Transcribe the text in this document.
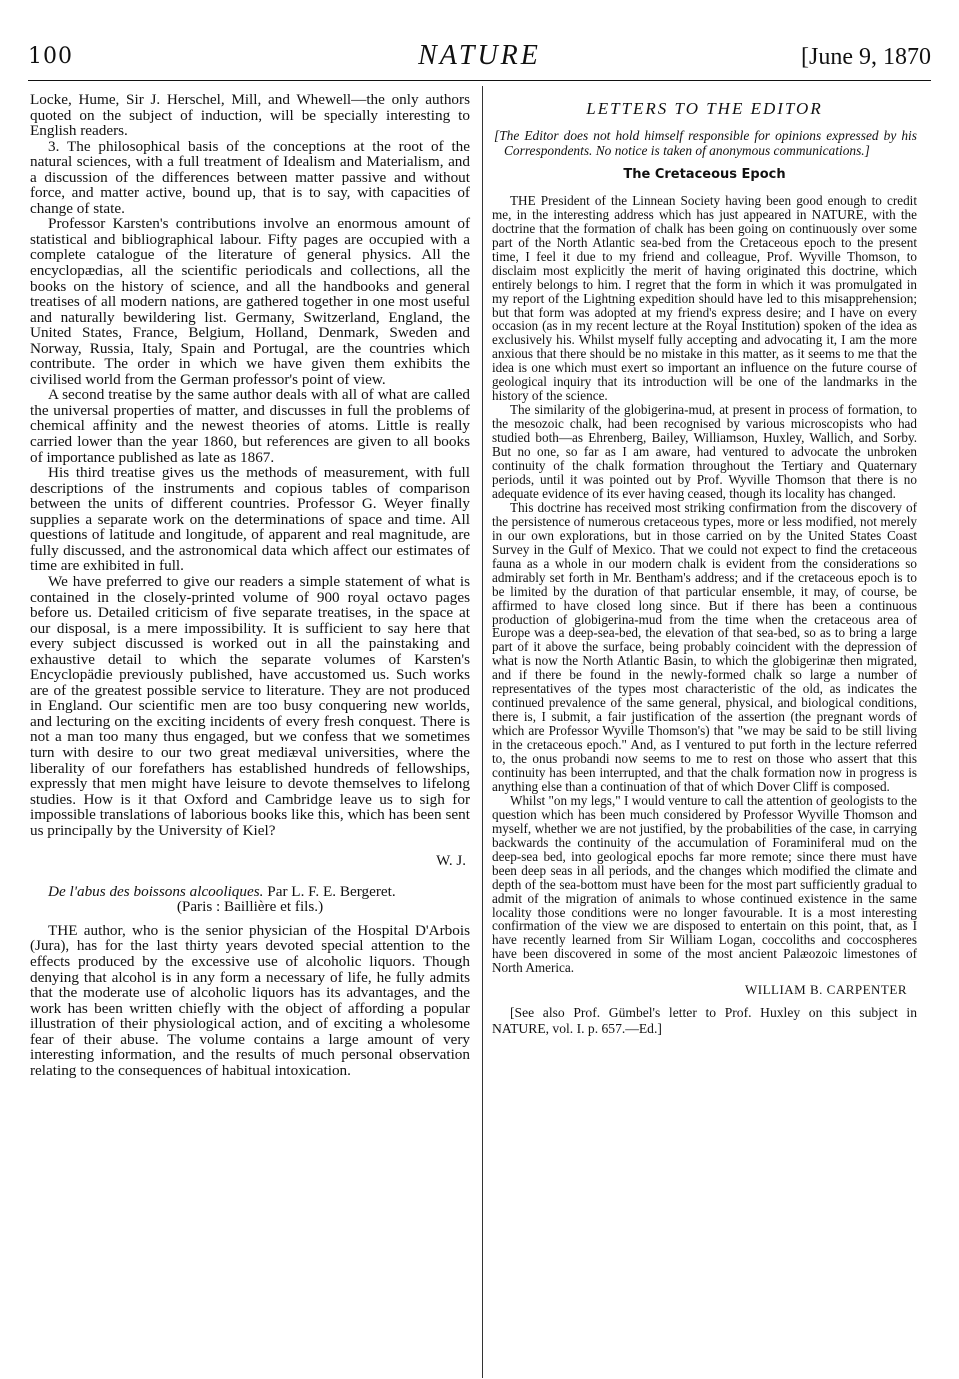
100	NATURE	[June 9, 1870

Locke, Hume, Sir J. Herschel, Mill, and Whewell—the only authors quoted on the subject of induction, will be specially interesting to English readers.

3. The philosophical basis of the conceptions at the root of the natural sciences, with a full treatment of Idealism and Materialism, and a discussion of the differences between matter passive and without force, and matter active, bound up, that is to say, with capacities of change of state.

Professor Karsten's contributions involve an enormous amount of statistical and bibliographical labour. Fifty pages are occupied with a complete catalogue of the literature of general physics. All the encyclopædias, all the scientific periodicals and collections, all the books on the history of science, and all the handbooks and general treatises of all modern nations, are gathered together in one most useful and naturally bewildering list. Germany, Switzerland, England, the United States, France, Belgium, Holland, Denmark, Sweden and Norway, Russia, Italy, Spain and Portugal, are the countries which contribute. The order in which we have given them exhibits the civilised world from the German professor's point of view.

A second treatise by the same author deals with all of what are called the universal properties of matter, and discusses in full the problems of chemical affinity and the newest theories of atoms. Little is really carried lower than the year 1860, but references are given to all books of importance published as late as 1867.

His third treatise gives us the methods of measurement, with full descriptions of the instruments and copious tables of comparison between the units of different countries. Professor G. Weyer finally supplies a separate work on the determinations of space and time. All questions of latitude and longitude, of apparent and real magnitude, are fully discussed, and the astronomical data which affect our estimates of time are exhibited in full.

We have preferred to give our readers a simple statement of what is contained in the closely-printed volume of 900 royal octavo pages before us. Detailed criticism of five separate treatises, in the space at our disposal, is a mere impossibility. It is sufficient to say here that every subject discussed is worked out in all the painstaking and exhaustive detail to which the separate volumes of Karsten's Encyclopädie previously published, have accustomed us. Such works are of the greatest possible service to literature. They are not produced in England. Our scientific men are too busy conquering new worlds, and lecturing on the exciting incidents of every fresh conquest. There is not a man too many thus engaged, but we confess that we sometimes turn with desire to our two great mediæval universities, where the liberality of our forefathers has established hundreds of fellowships, expressly that men might have leisure to devote themselves to lifelong studies. How is it that Oxford and Cambridge leave us to sigh for impossible translations of laborious books like this, which has been sent us principally by the University of Kiel?

W. J.

De l'abus des boissons alcooliques. Par L. F. E. Bergeret.

(Paris : Baillière et fils.)

THE author, who is the senior physician of the Hospital D'Arbois (Jura), has for the last thirty years devoted special attention to the effects produced by the excessive use of alcoholic liquors. Though denying that alcohol is in any form a necessary of life, he fully admits that the moderate use of alcoholic liquors has its advantages, and the work has been written chiefly with the object of affording a popular illustration of their physiological action, and of exciting a wholesome fear of their abuse. The volume contains a large amount of very interesting information, and the results of much personal observation relating to the consequences of habitual intoxication.

LETTERS TO THE EDITOR

[The Editor does not hold himself responsible for opinions expressed by his Correspondents. No notice is taken of anonymous communications.]

The Cretaceous Epoch

THE President of the Linnean Society having been good enough to credit me, in the interesting address which has just appeared in NATURE, with the doctrine that the formation of chalk has been going on continuously over some part of the North Atlantic sea-bed from the Cretaceous epoch to the present time, I feel it due to my friend and colleague, Prof. Wyville Thomson, to disclaim most explicitly the merit of having originated this doctrine, which entirely belongs to him. I regret that the form in which it was promulgated in my report of the Lightning expedition should have led to this misapprehension; but that form was adopted at my friend's express desire; and I have on every occasion (as in my recent lecture at the Royal Institution) spoken of the idea as exclusively his. Whilst myself fully accepting and advocating it, I am the more anxious that there should be no mistake in this matter, as it seems to me that the idea is one which must exert so important an influence on the future course of geological inquiry that its introduction will be one of the landmarks in the history of the science.

The similarity of the globigerina-mud, at present in process of formation, to the mesozoic chalk, had been recognised by various microscopists who had studied both—as Ehrenberg, Bailey, Williamson, Huxley, Wallich, and Sorby. But no one, so far as I am aware, had ventured to advocate the unbroken continuity of the chalk formation throughout the Tertiary and Quaternary periods, until it was pointed out by Prof. Wyville Thomson that there is no adequate evidence of its ever having ceased, though its locality has changed.

This doctrine has received most striking confirmation from the discovery of the persistence of numerous cretaceous types, more or less modified, not merely in our own explorations, but in those carried on by the United States Coast Survey in the Gulf of Mexico. That we could not expect to find the cretaceous fauna as a whole in our modern chalk is evident from the considerations so admirably set forth in Mr. Bentham's address; and if the cretaceous epoch is to be limited by the duration of that particular ensemble, it may, of course, be affirmed to have closed long since. But if there has been a continuous production of globigerina-mud from the time when the cretaceous area of Europe was a deep-sea-bed, the elevation of that sea-bed, so as to bring a large part of it above the surface, being probably coincident with the depression of what is now the North Atlantic Basin, to which the globigerinæ then migrated, and if there be found in the newly-formed chalk so large a number of representatives of the types most characteristic of the old, as indicates the continued prevalence of the same general, physical, and biological conditions, there is, I submit, a fair justification of the assertion (the pregnant words of which are Professor Wyville Thomson's) that "we may be said to be still living in the cretaceous epoch." And, as I ventured to put forth in the lecture referred to, the onus probandi now seems to me to rest on those who assert that this continuity has been interrupted, and that the chalk formation now in progress is anything else than a continuation of that of which Dover Cliff is composed.

Whilst "on my legs," I would venture to call the attention of geologists to the question which has been much considered by Professor Wyville Thomson and myself, whether we are not justified, by the probabilities of the case, in carrying backwards the continuity of the accumulation of Foraminiferal mud on the deep-sea bed, into geological epochs far more remote; since there must have been deep seas in all periods, and the changes which modified the climate and depth of the sea-bottom must have been for the most part sufficiently gradual to admit of the migration of animals to whose continued existence in the same locality those conditions were no longer favourable. It is a most interesting confirmation of the view we are disposed to entertain on this point, that, as I have recently learned from Sir William Logan, coccoliths and coccospheres have been discovered in some of the most ancient Palæozoic limestones of North America.

WILLIAM B. CARPENTER

[See also Prof. Gümbel's letter to Prof. Huxley on this subject in NATURE, vol. I. p. 657.—Ed.]
